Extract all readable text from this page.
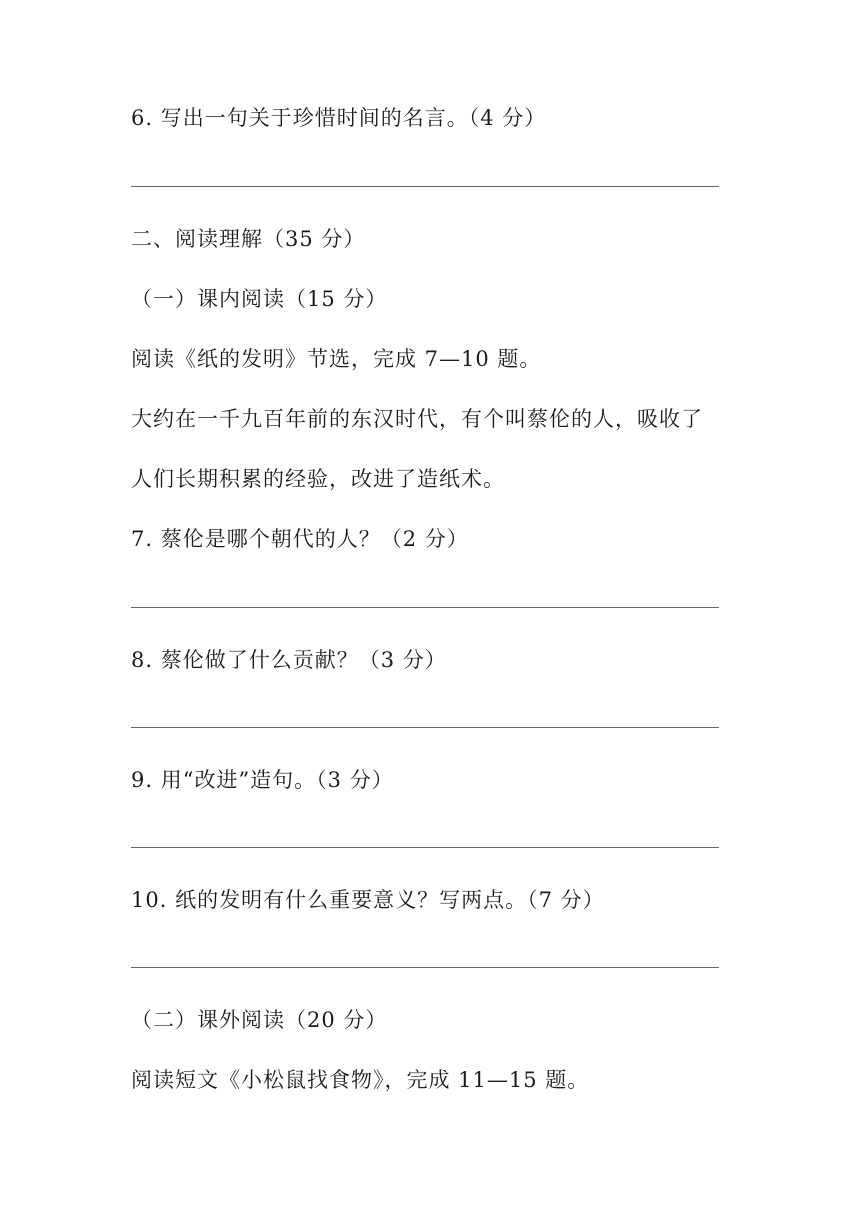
6. 写出一句关于珍惜时间的名言。（4 分）
二、阅读理解（35 分）
（一）课内阅读（15 分）
阅读《纸的发明》节选，完成 7—10 题。
大约在一千九百年前的东汉时代，有个叫蔡伦的人，吸收了
人们长期积累的经验，改进了造纸术。
7. 蔡伦是哪个朝代的人？（2 分）
8. 蔡伦做了什么贡献？（3 分）
9. 用“改进”造句。（3 分）
10. 纸的发明有什么重要意义？写两点。（7 分）
（二）课外阅读（20 分）
阅读短文《小松鼠找食物》，完成 11—15 题。
